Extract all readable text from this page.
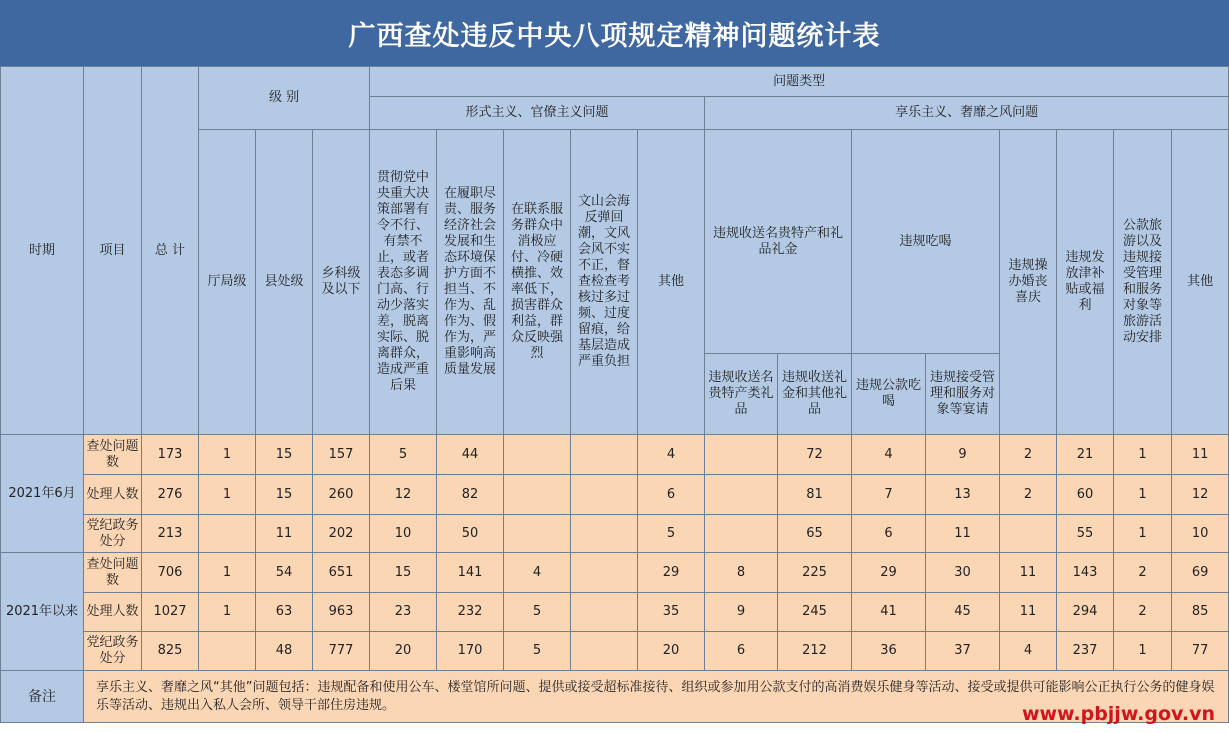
广西查处违反中央八项规定精神问题统计表
时期	项目	总 计	级 别			问题类型												
						形式主义、官僚主义问题					享乐主义、奢靡之风问题							
			厅局级	县处级	乡科级及以下	贯彻党中央重大决策部署有令不行、有禁不止，或者表态多调门高、行动少落实差，脱离实际、脱离群众，造成严重后果	在履职尽责、服务经济社会发展和生态环境保护方面不担当、不作为、乱作为、假作为，严重影响高质量发展	在联系服务群众中消极应付、冷硬横推、效率低下，损害群众利益，群众反映强烈	文山会海反弹回潮，文风会风不实不正，督查检查考核过多过频、过度留痕，给基层造成严重负担	其他	违规收送名贵特产和礼品礼金		违规吃喝		违规操办婚丧喜庆	违规发放津补贴或福利	公款旅游以及违规接受管理和服务对象等旅游活动安排	其他

											违规收送名贵特产类礼品	违规收送礼金和其他礼品	违规公款吃喝	违规接受管理和服务对象等宴请				
2021年6月	查处问题数	173	1	15	157	5	44			4		72	4	9	2	21	1	11
	处理人数	276	1	15	260	12	82			6		81	7	13	2	60	1	12
	党纪政务处分	213		11	202	10	50			5		65	6	11		55	1	10
2021年以来	查处问题数	706	1	54	651	15	141	4		29	8	225	29	30	11	143	2	69
	处理人数	1027	1	63	963	23	232	5		35	9	245	41	45	11	294	2	85
	党纪政务处分	825		48	777	20	170	5		20	6	212	36	37	4	237	1	77
备注	享乐主义、奢靡之风“其他”问题包括：违规配备和使用公车、楼堂馆所问题、提供或接受超标准接待、组织或参加用公款支付的高消费娱乐健身等活动、接受或提供可能影响公正执行公务的健身娱乐等活动、违规出入私人会所、领导干部住房违规。																		www.pbjjw.gov.vn
